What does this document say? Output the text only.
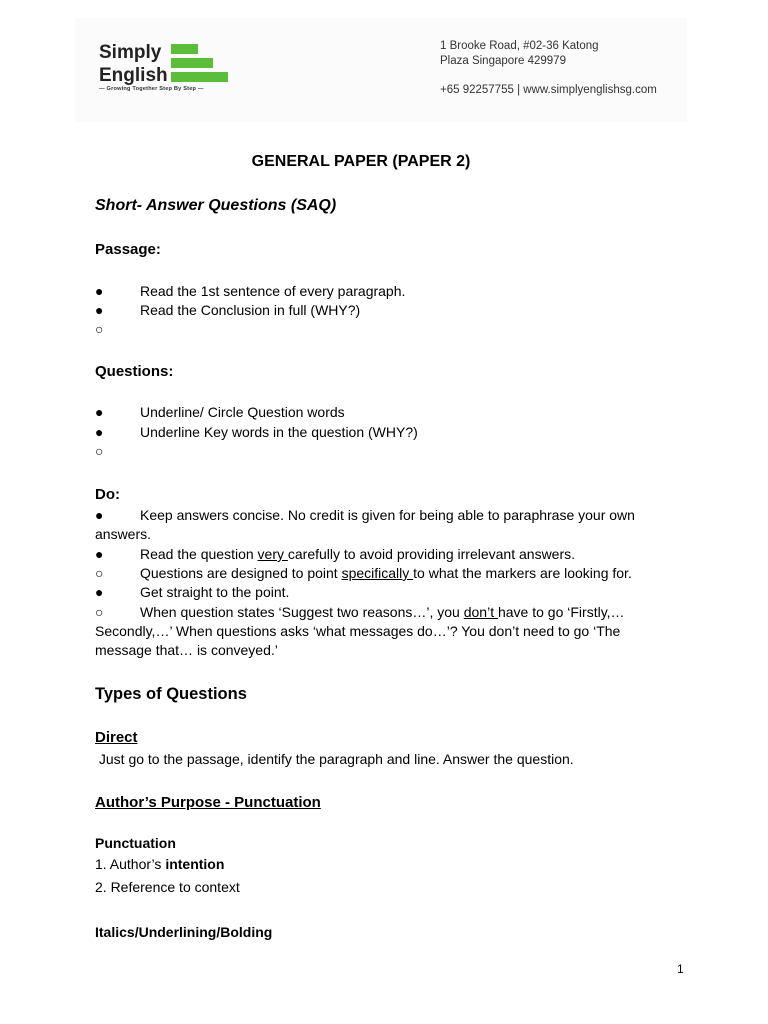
Simply
English
— Growing Together Step By Step —
1 Brooke Road, #02-36 Katong
Plaza Singapore 429979
+65 92257755 | www.simplyenglishsg.com
GENERAL PAPER (PAPER 2)
Short- Answer Questions (SAQ)
Passage:
●	Read the 1st sentence of every paragraph.
●	Read the Conclusion in full (WHY?)
○
Questions:
●	Underline/ Circle Question words
●	Underline Key words in the question (WHY?)
○
Do:
●	Keep answers concise. No credit is given for being able to paraphrase your own
answers.
●	Read the question very carefully to avoid providing irrelevant answers.
○	Questions are designed to point specifically to what the markers are looking for.
●	Get straight to the point.
○	When question states ‘Suggest two reasons…’, you don’t have to go ‘Firstly,…
Secondly,…’ When questions asks ‘what messages do…’? You don’t need to go ‘The
message that… is conveyed.’
Types of Questions
Direct
Just go to the passage, identify the paragraph and line. Answer the question.
Author’s Purpose - Punctuation
Punctuation
1. Author’s intention
2. Reference to context
Italics/Underlining/Bolding
1
